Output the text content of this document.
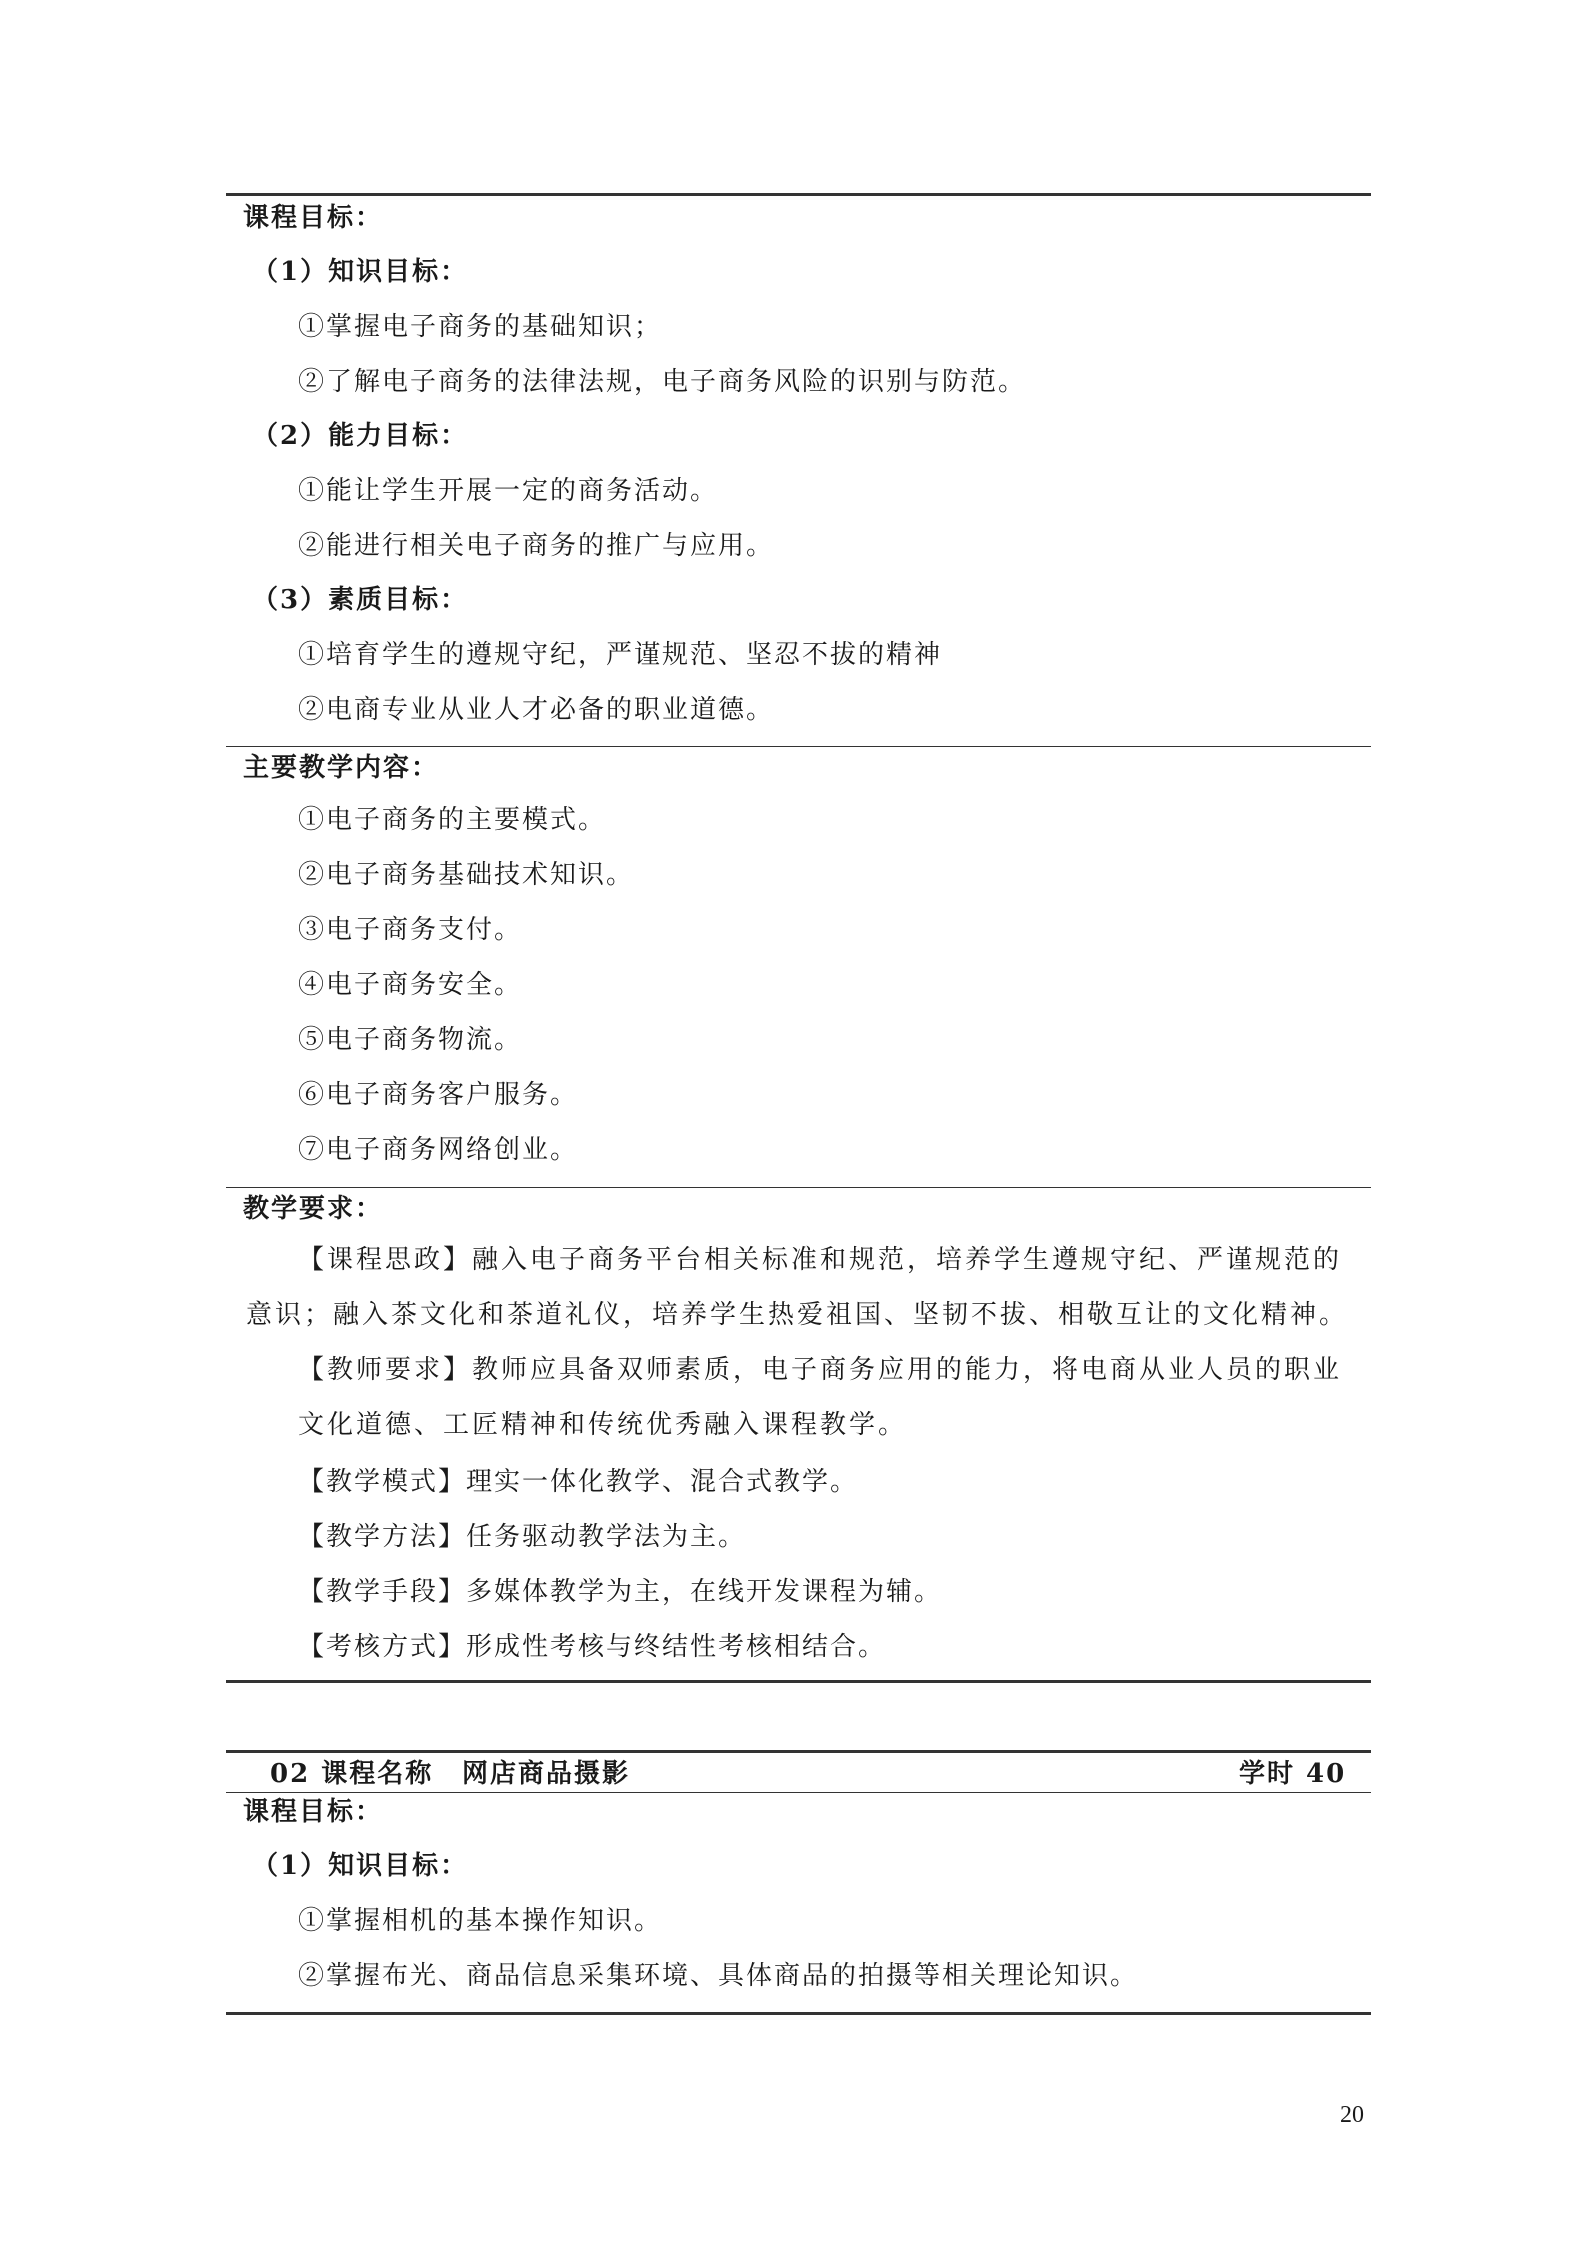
课程目标：
（1）知识目标：
①掌握电子商务的基础知识；
②了解电子商务的法律法规，电子商务风险的识别与防范。
（2）能力目标：
①能让学生开展一定的商务活动。
②能进行相关电子商务的推广与应用。
（3）素质目标：
①培育学生的遵规守纪，严谨规范、坚忍不拔的精神
②电商专业从业人才必备的职业道德。
主要教学内容：
①电子商务的主要模式。
②电子商务基础技术知识。
③电子商务支付。
④电子商务安全。
⑤电子商务物流。
⑥电子商务客户服务。
⑦电子商务网络创业。
教学要求：
【课程思政】融入电子商务平台相关标准和规范，培养学生遵规守纪、严谨规范的意识；融入茶文化和茶道礼仪，培养学生热爱祖国、坚韧不拔、相敬互让的文化精神。
【教师要求】教师应具备双师素质，电子商务应用的能力，将电商从业人员的职业文化道德、工匠精神和传统优秀融入课程教学。
【教学模式】理实一体化教学、混合式教学。
【教学方法】任务驱动教学法为主。
【教学手段】多媒体教学为主，在线开发课程为辅。
【考核方式】形成性考核与终结性考核相结合。
02 课程名称 网店商品摄影	学时 40
课程目标：
（1）知识目标：
①掌握相机的基本操作知识。
②掌握布光、商品信息采集环境、具体商品的拍摄等相关理论知识。
20
